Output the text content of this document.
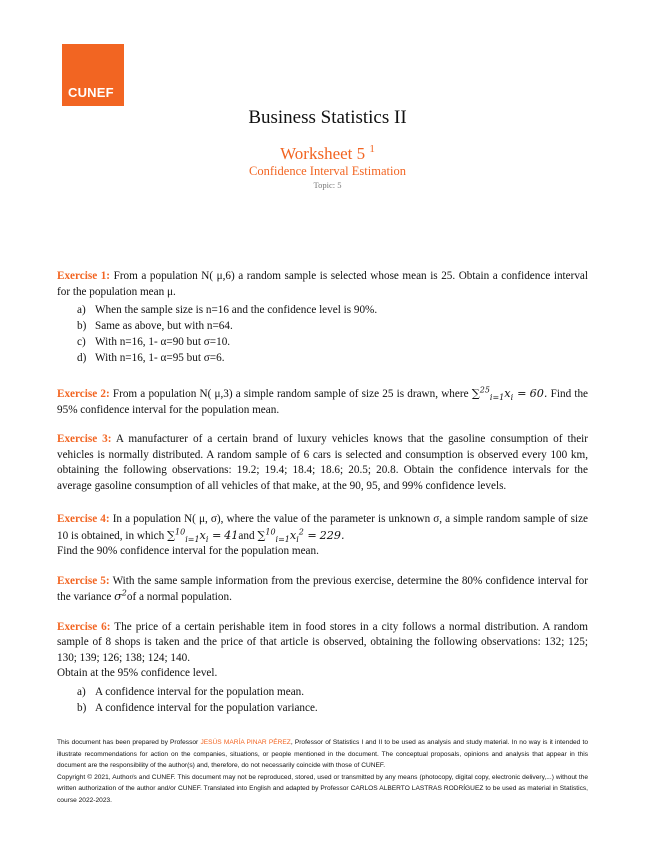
CUNEF
Business Statistics II
Worksheet 5 $^1$
Confidence Interval Estimation
Topic: 5

Exercise 1: From a population N( μ,6) a random sample is selected whose mean is 25. Obtain a confidence interval for the population mean μ.

a) When the sample size is n=16 and the confidence level is 90%.
b) Same as above, but with n=64.
c) With n=16, 1- α=90 but σ=10.
d) With n=16, 1- α=95 but σ=6.

Exercise 2: From a population N( μ,3) a simple random sample of size 25 is drawn, where $\sum^{25}_{i=1}x_i = 60$. Find the 95% confidence interval for the population mean.

Exercise 3: A manufacturer of a certain brand of luxury vehicles knows that the gasoline consumption of their vehicles is normally distributed. A random sample of 6 cars is selected and consumption is observed every 100 km, obtaining the following observations: 19.2; 19.4; 18.4; 18.6; 20.5; 20.8. Obtain the confidence intervals for the average gasoline consumption of all vehicles of that make, at the 90, 95, and 99% confidence levels.

Exercise 4: In a population N( μ, σ), where the value of the parameter is unknown σ, a simple random sample of size 10 is obtained, in which $\sum^{10}_{i=1}x_i = 41and$ $\sum^{10}_{i=1}x_i^2 = 229$.

Find the 90% confidence interval for the population mean.

Exercise 5: With the same sample information from the previous exercise, determine the 80% confidence interval for the variance $\sigma^2of$ a normal population.

Exercise 6: The price of a certain perishable item in food stores in a city follows a normal distribution. A random sample of 8 shops is taken and the price of that article is observed, obtaining the following observations: 132; 125; 130; 139; 126; 138; 124; 140.

Obtain at the 95% confidence level.

a) A confidence interval for the population mean.
b) A confidence interval for the population variance.

This document has been prepared by Professor JESÚS MARÍA PINAR PÉREZ, Professor of Statistics I and II to be used as analysis and study material. In no way is it intended to illustrate recommendations for action on the companies, situations, or people mentioned in the document. The conceptual proposals, opinions and analysis that appear in this document are the responsibility of the author(s) and, therefore, do not necessarily coincide with those of CUNEF.

Copyright © 2021, Author/s and CUNEF. This document may not be reproduced, stored, used or transmitted by any means (photocopy, digital copy, electronic delivery,...) without the written authorization of the author and/or CUNEF. Translated into English and adapted by Professor CARLOS ALBERTO LASTRAS RODRÍGUEZ to be used as material in Statistics, course 2022-2023.
